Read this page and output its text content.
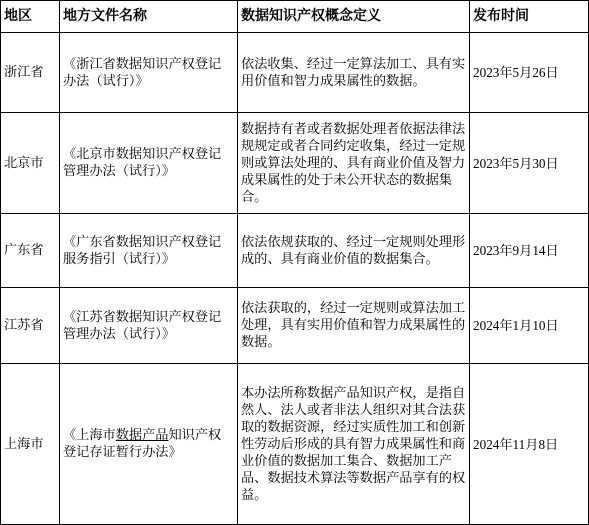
地区	地方文件名称	数据知识产权概念定义	发布时间
浙江省	《浙江省数据知识产权登记办法（试行）》	依法收集、经过一定算法加工、具有实用价值和智力成果属性的数据。	2023年5月26日
北京市	《北京市数据知识产权登记管理办法（试行）》	数据持有者或者数据处理者依据法律法规规定或者合同约定收集，经过一定规则或算法处理的、具有商业价值及智力成果属性的处于未公开状态的数据集合。	2023年5月30日
广东省	《广东省数据知识产权登记服务指引（试行）》	依法依规获取的、经过一定规则处理形成的、具有商业价值的数据集合。	2023年9月14日
江苏省	《江苏省数据知识产权登记管理办法（试行）》	依法获取的，经过一定规则或算法加工处理，具有实用价值和智力成果属性的数据。	2024年1月10日
上海市	《上海市数据产品知识产权登记存证暂行办法》	本办法所称数据产品知识产权，是指自然人、法人或者非法人组织对其合法获取的数据资源，经过实质性加工和创新性劳动后形成的具有智力成果属性和商业价值的数据加工集合、数据加工产品、数据技术算法等数据产品享有的权益。	2024年11月8日
